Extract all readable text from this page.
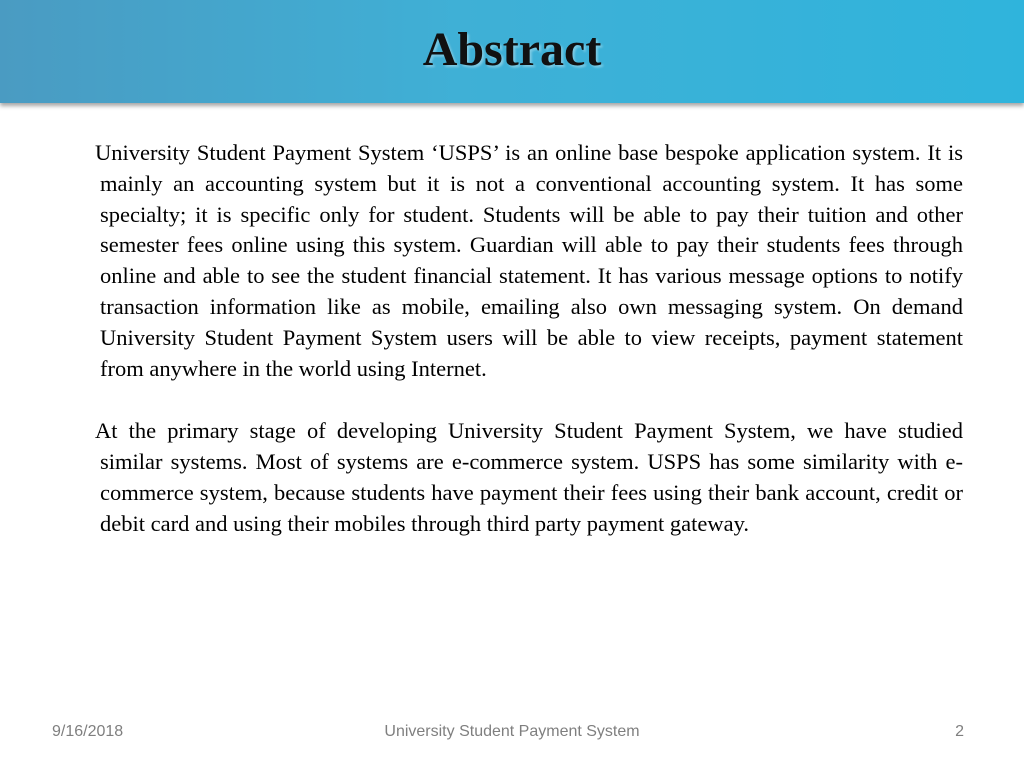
Abstract

University Student Payment System ‘USPS’ is an online base bespoke application system. It is mainly an accounting system but it is not a conventional accounting system. It has some specialty; it is specific only for student. Students will be able to pay their tuition and other semester fees online using this system. Guardian will able to pay their students fees through online and able to see the student financial statement. It has various message options to notify transaction information like as mobile, emailing also own messaging system. On demand University Student Payment System users will be able to view receipts, payment statement from anywhere in the world using Internet.

At the primary stage of developing University Student Payment System, we have studied similar systems. Most of systems are e-commerce system. USPS has some similarity with e-commerce system, because students have payment their fees using their bank account, credit or debit card and using their mobiles through third party payment gateway.

9/16/2018	University Student Payment System	2
